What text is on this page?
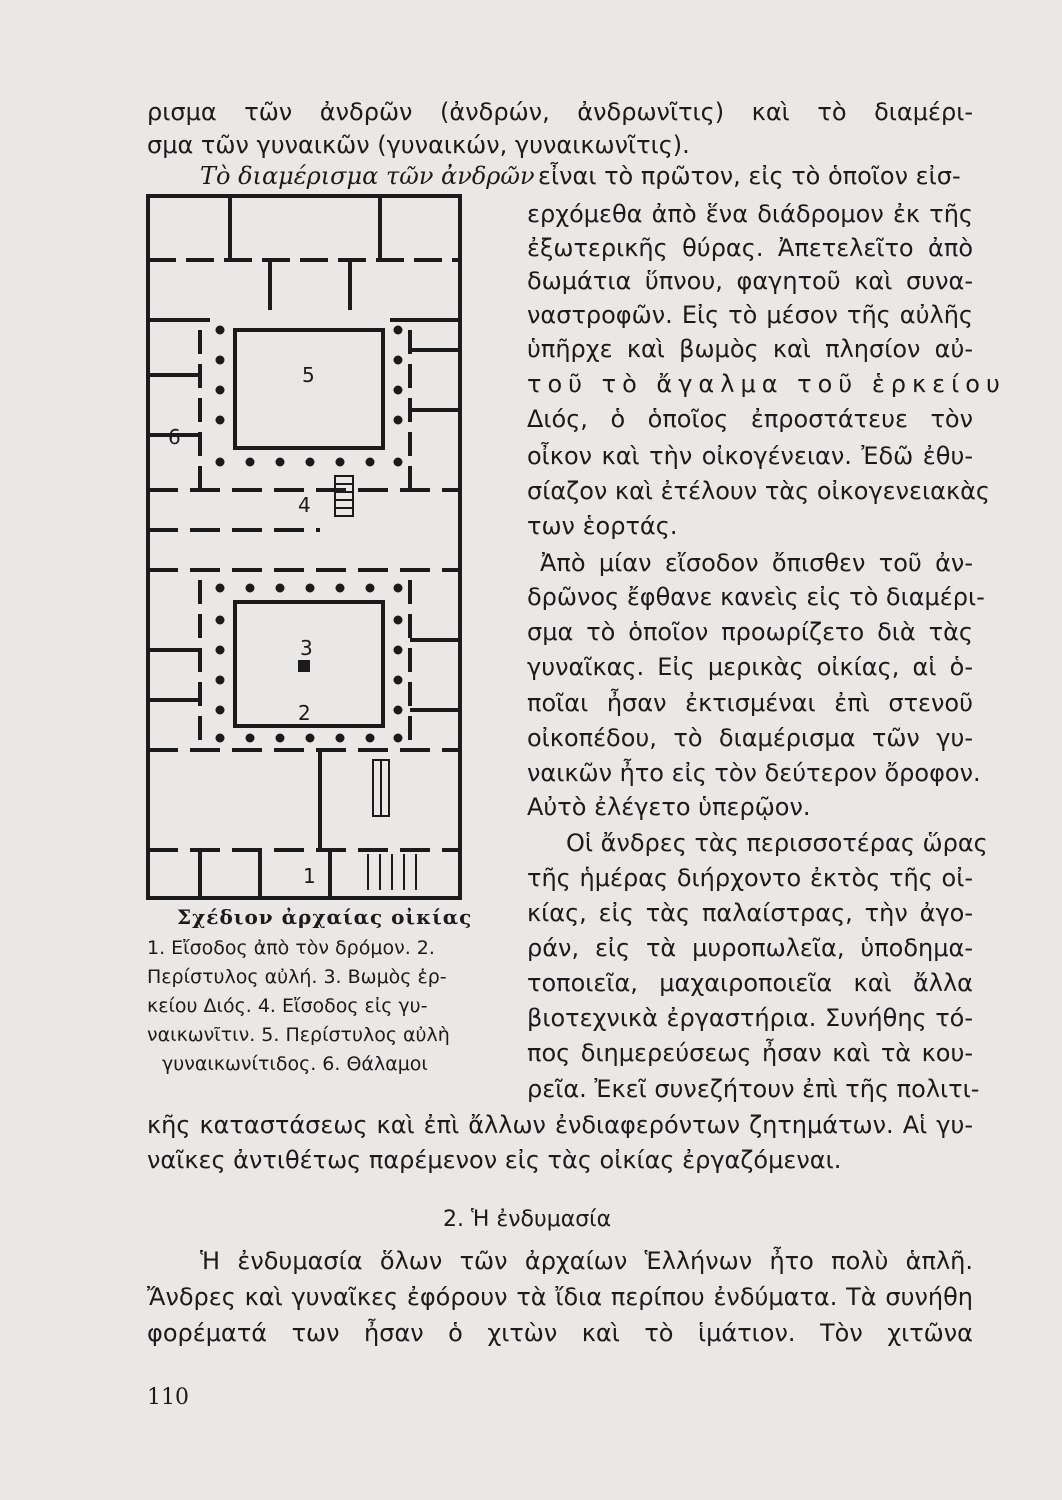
ρισμα τῶν ἀνδρῶν (ἀνδρών, ἀνδρωνῖτις) καὶ τὸ διαμέρι-
σμα τῶν γυναικῶν (γυναικών, γυναικωνῖτις).
Τὸ διαμέρισμα τῶν ἀνδρῶν εἶναι τὸ πρῶτον, εἰς τὸ ὁποῖον εἰσ-
ερχόμεθα ἀπὸ ἕνα διάδρομον ἐκ τῆς
ἐξωτερικῆς θύρας. Ἀπετελεῖτο ἀπὸ
δωμάτια ὕπνου, φαγητοῦ καὶ συνα-
ναστροφῶν. Εἰς τὸ μέσον τῆς αὐλῆς
ὑπῆρχε καὶ βωμὸς καὶ πλησίον αὐ-
τοῦ τὸ ἄγαλμα τοῦ ἑρκείου
Διός, ὁ ὁποῖος ἐπροστάτευε τὸν
οἶκον καὶ τὴν οἰκογένειαν. Ἐδῶ ἐθυ-
σίαζον καὶ ἐτέλουν τὰς οἰκογενειακὰς
των ἑορτάς.
Ἀπὸ μίαν εἴσοδον ὄπισθεν τοῦ ἀν-
δρῶνος ἔφθανε κανεὶς εἰς τὸ διαμέρι-
σμα τὸ ὁποῖον προωρίζετο διὰ τὰς
γυναῖκας. Εἰς μερικὰς οἰκίας, αἱ ὁ-
ποῖαι ἦσαν ἐκτισμέναι ἐπὶ στενοῦ
οἰκοπέδου, τὸ διαμέρισμα τῶν γυ-
ναικῶν ἦτο εἰς τὸν δεύτερον ὄροφον.
Αὐτὸ ἐλέγετο ὑπερῷον.
Οἱ ἄνδρες τὰς περισσοτέρας ὥρας
τῆς ἡμέρας διήρχοντο ἐκτὸς τῆς οἰ-
κίας, εἰς τὰς παλαίστρας, τὴν ἀγο-
ράν, εἰς τὰ μυροπωλεῖα, ὑποδημα-
τοποιεῖα, μαχαιροποιεῖα καὶ ἄλλα
βιοτεχνικὰ ἐργαστήρια. Συνήθης τό-
πος διημερεύσεως ἦσαν καὶ τὰ κου-
ρεῖα. Ἐκεῖ συνεζήτουν ἐπὶ τῆς πολιτι-
κῆς καταστάσεως καὶ ἐπὶ ἄλλων ἐνδιαφερόντων ζητημάτων. Αἱ γυ-
ναῖκες ἀντιθέτως παρέμενον εἰς τὰς οἰκίας ἐργαζόμεναι.
2. Ἡ ἐνδυμασία
Ἡ ἐνδυμασία ὅλων τῶν ἀρχαίων Ἑλλήνων ἦτο πολὺ ἁπλῆ.
Ἄνδρες καὶ γυναῖκες ἐφόρουν τὰ ἴδια περίπου ἐνδύματα. Τὰ συνήθη
φορέματά των ἦσαν ὁ χιτὼν καὶ τὸ ἱμάτιον. Τὸν χιτῶνα
5
6
4
3
2
1
Σχέδιον ἀρχαίας οἰκίας
1. Εἴσοδος ἀπὸ τὸν δρόμον. 2.
Περίστυλος αὐλή. 3. Βωμὸς ἑρ-
κείου Διός. 4. Εἴσοδος εἰς γυ-
ναικωνῖτιν. 5. Περίστυλος αὐλὴ
γυναικωνίτιδος. 6. Θάλαμοι
110
